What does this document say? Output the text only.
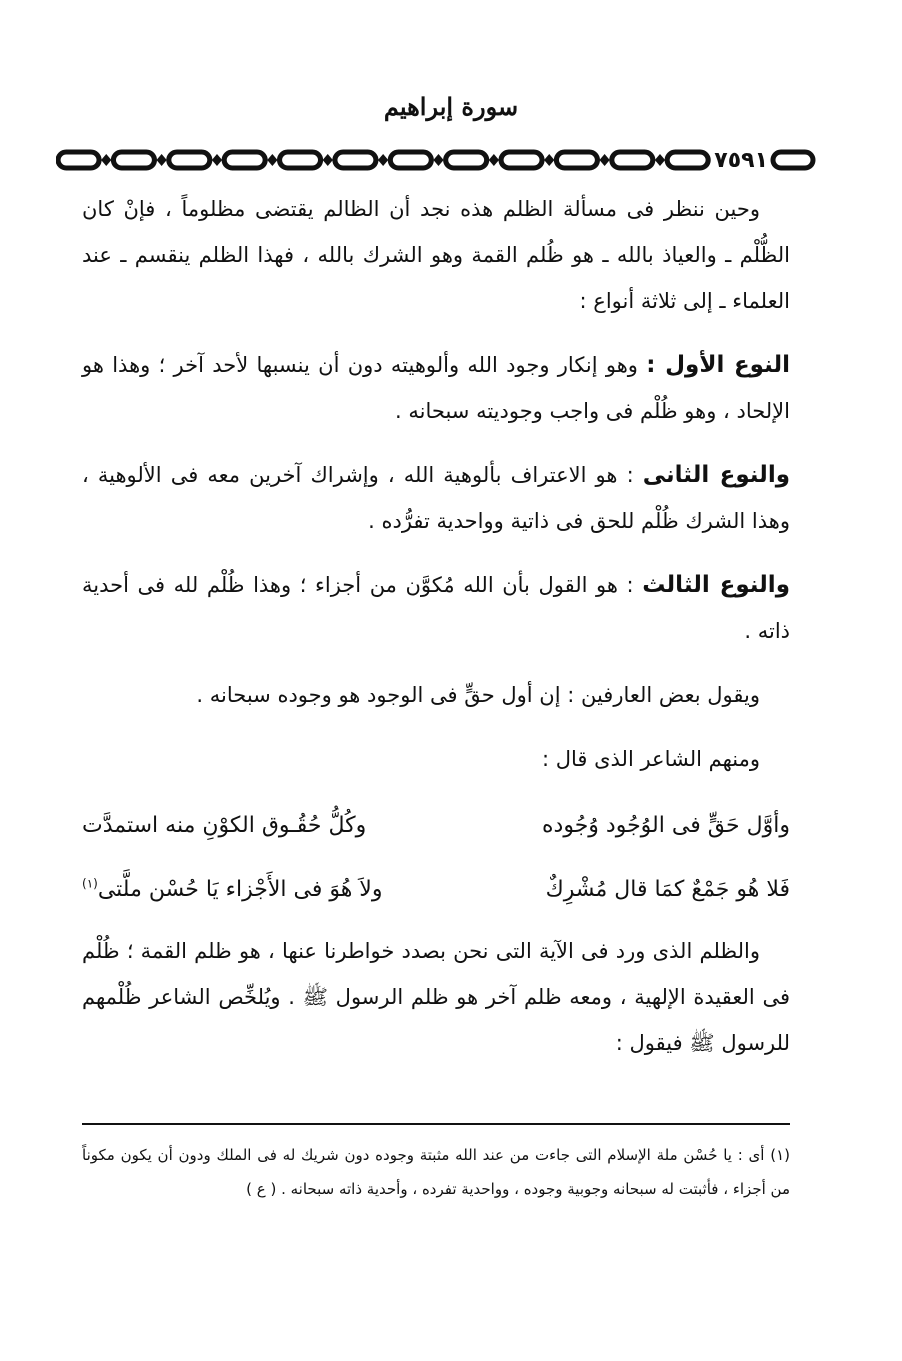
سورة إبراهيم
٧٥٩١

وحين ننظر فى مسألة الظلم هذه نجد أن الظالم يقتضى مظلوماً ، فإنْ كان الظُّلْم ـ والعياذ بالله ـ هو ظُلم القمة وهو الشرك بالله ، فهذا الظلم ينقسم ـ عند العلماء ـ إلى ثلاثة أنواع :

النوع الأول : وهو إنكار وجود الله وألوهيته دون أن ينسبها لأحد آخر ؛ وهذا هو الإلحاد ، وهو ظُلْم فى واجب وجوديته سبحانه .

والنوع الثانى : هو الاعتراف بألوهية الله ، وإشراك آخرين معه فى الألوهية ، وهذا الشرك ظُلْم للحق فى ذاتية وواحدية تفرُّده .

والنوع الثالث : هو القول بأن الله مُكوَّن من أجزاء ؛ وهذا ظُلْم لله فى أحدية ذاته .

ويقول بعض العارفين : إن أول حقٍّ فى الوجود هو وجوده سبحانه .

ومنهم الشاعر الذى قال :

وأوَّل حَقٍّ فى الوُجُود وُجُوده
وكُلُّ حُقُـوق الكوْنِ منه استمدَّت
فَلا هُو جَمْعٌ كمَا قال مُشْرِكٌ
ولاَ هُوَ فى الأَجْزاء يَا حُسْن ملَّتى$^{(١)}$

والظلم الذى ورد فى الآية التى نحن بصدد خواطرنا عنها ، هو ظلم القمة ؛ ظُلْم فى العقيدة الإلهية ، ومعه ظلم آخر هو ظلم الرسول ﷺ . ويُلخِّص الشاعر ظُلْمهم للرسول ﷺ فيقول :

(١) أى : يا حُسْن ملة الإسلام التى جاءت من عند الله مثبتة وجوده دون شريك له فى الملك ودون أن يكون مكوناً من أجزاء ، فأثبتت له سبحانه وجوبية وجوده ، وواحدية تفرده ، وأحدية ذاته سبحانه . ( ع )
